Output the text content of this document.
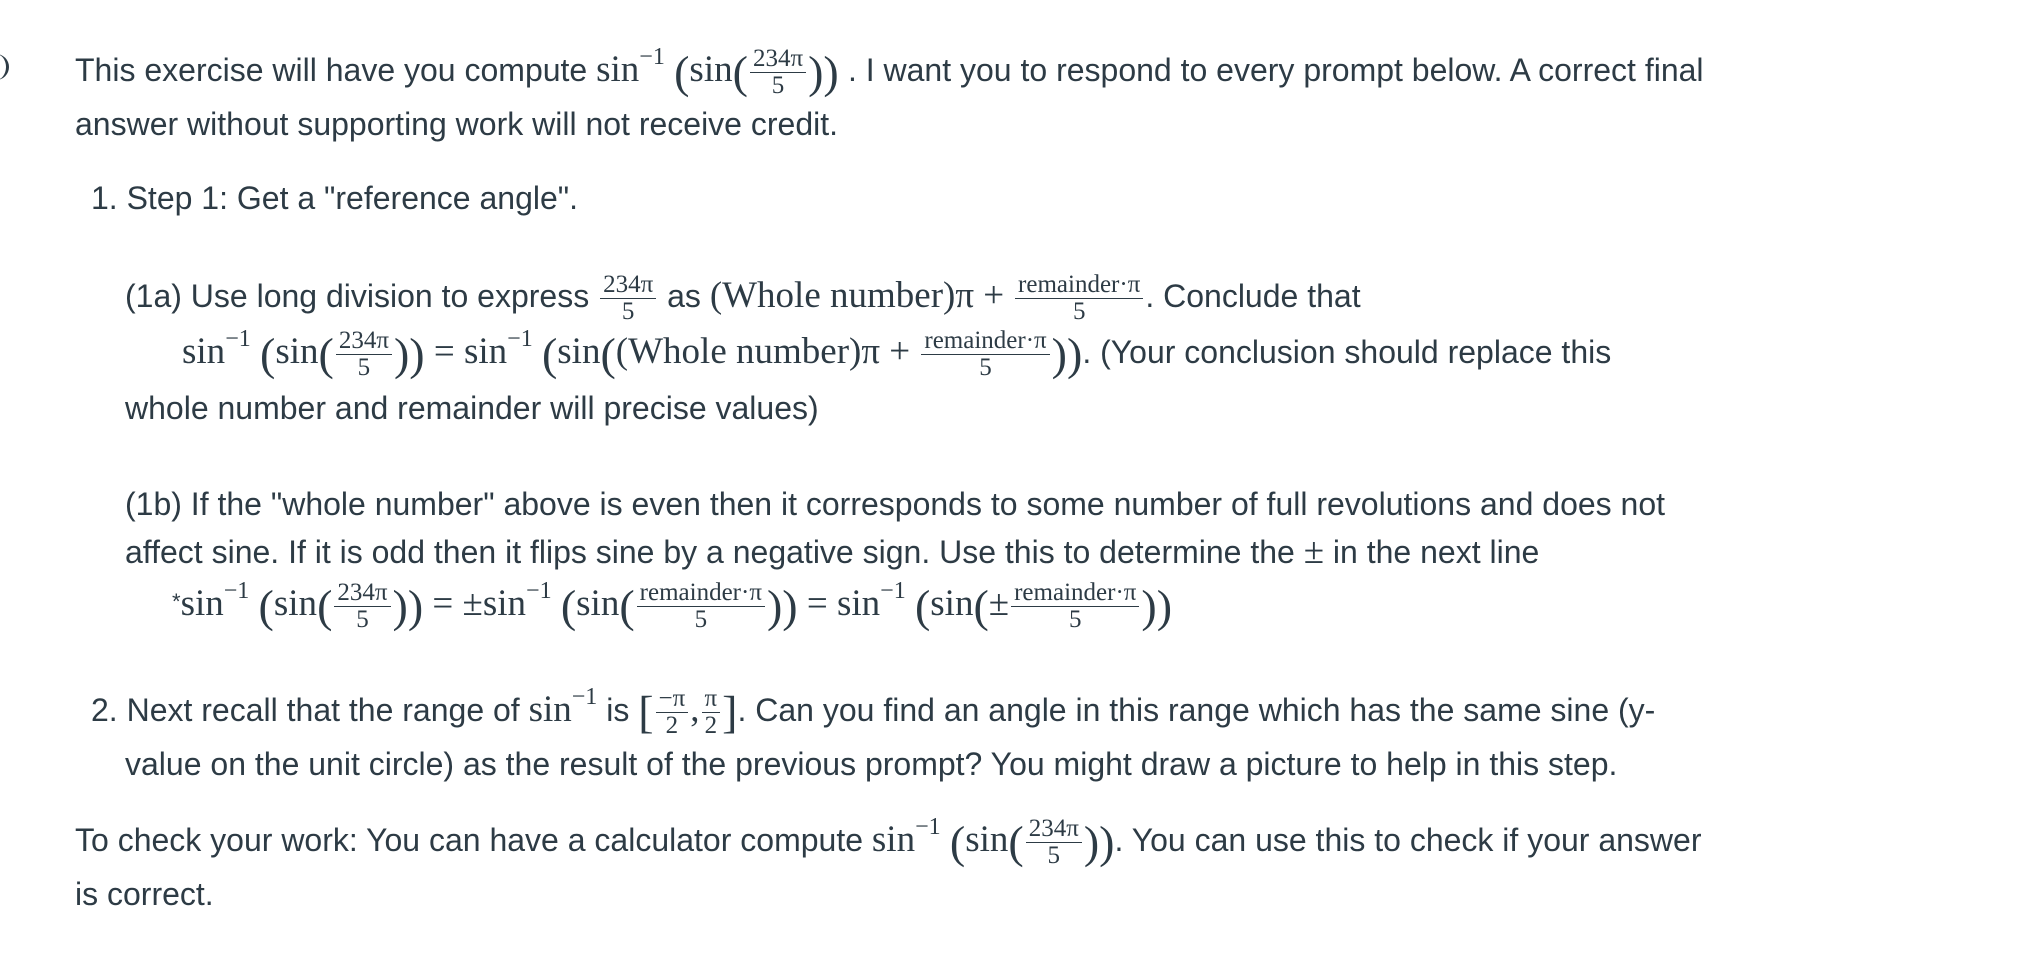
This exercise will have you compute $\sin^{-1} (\sin( \frac{234\pi}{5}$ )) . I want you to respond to every prompt below. A correct final
answer without supporting work will not receive credit.
1. Step 1: Get a "reference angle".
(1a) Use long division to express $\frac{234\pi}{5}$ as (Whole number)π + $\frac{\text{remainder·π}}{5}$ . Conclude that
$\sin^{-1} (\sin( \frac{234\pi}{5}$ )) = $\sin^{-1}$ (sin((Whole number)π + $\frac{\text{remainder·π}}{5}$ )). (Your conclusion should replace this
whole number and remainder will precise values)
(1b) If the "whole number" above is even then it corresponds to some number of full revolutions and does not
affect sine. If it is odd then it flips sine by a negative sign. Use this to determine the ± in the next line
$^*\sin^{-1}$ ($\sin( \frac{234\pi}{5}$ )) = $\pm\sin^{-1}$ ($\sin( \frac{\text{remainder·π}}{5}$ )) = $\sin^{-1} (\sin(\pm \frac{\text{remainder·π}}{5}$ ))
2. Next recall that the range of $\sin^{-1}$ is [ $\frac{-\pi}{2}$ , $\frac{\pi}{2}$ ]. Can you find an angle in this range which has the same sine (y-
value on the unit circle) as the result of the previous prompt? You might draw a picture to help in this step.
To check your work: You can have a calculator compute $\sin^{-1} (\sin( \frac{234\pi}{5}$ )). You can use this to check if your answer
is correct.
